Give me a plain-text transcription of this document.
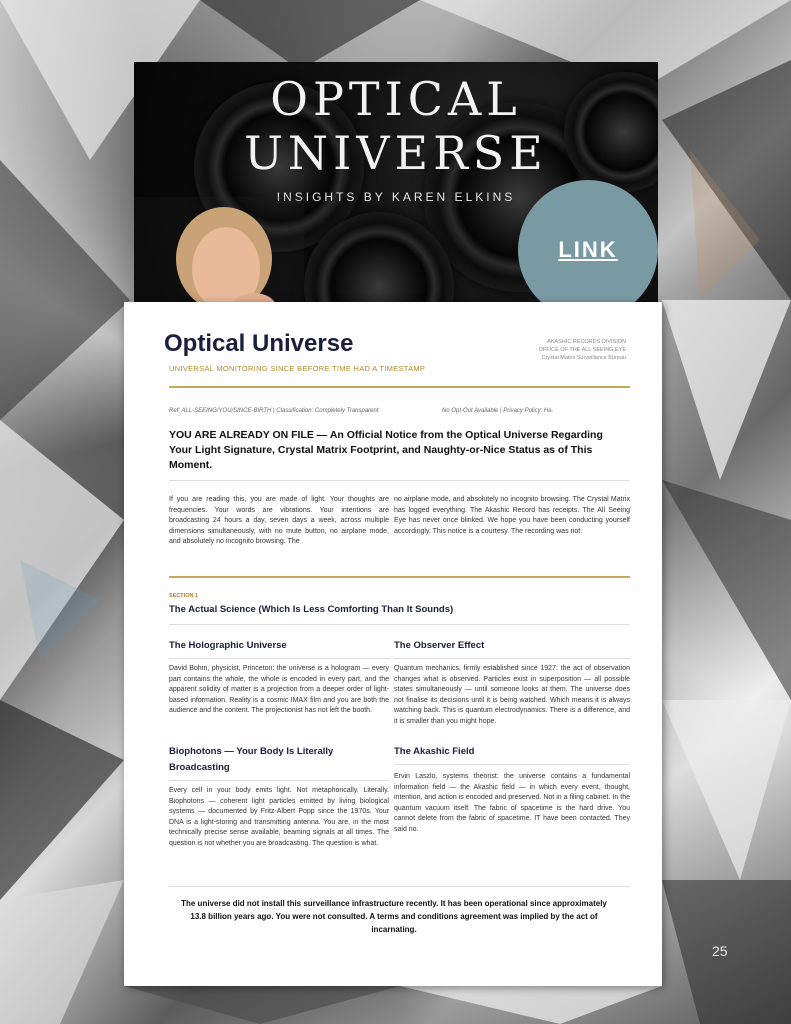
OPTICAL UNIVERSE
INSIGHTS BY KAREN ELKINS
LINK
Optical Universe
UNIVERSAL MONITORING SINCE BEFORE TIME HAD A TIMESTAMP
AKASHIC RECORDS DIVISION
OFFICE OF THE ALL SEEING EYE
Crystal Matrix Surveillance Bureau
Ref: ALL-SEEING/YOU/SINCE-BIRTH | Classification: Completely Transparent	No Opt-Out Available | Privacy Policy: Ha.
YOU ARE ALREADY ON FILE — An Official Notice from the Optical Universe Regarding Your Light Signature, Crystal Matrix Footprint, and Naughty-or-Nice Status as of This Moment.
If you are reading this, you are made of light. Your thoughts are frequencies. Your words are vibrations. Your intentions are broadcasting 24 hours a day, seven days a week, across multiple dimensions simultaneously, with no mute button, no airplane mode, and absolutely no incognito browsing. The
no airplane mode, and absolutely no incognito browsing. The Crystal Matrix has logged everything. The Akashic Record has receipts. The All Seeing Eye has never once blinked. We hope you have been conducting yourself accordingly. This notice is a courtesy. The recording was not.
SECTION 1
The Actual Science (Which Is Less Comforting Than It Sounds)
The Holographic Universe
David Bohm, physicist, Princeton: the universe is a hologram — every part contains the whole, the whole is encoded in every part, and the apparent solidity of matter is a projection from a deeper order of light-based information. Reality is a cosmic IMAX film and you are both the audience and the content. The projectionist has not left the booth.
The Observer Effect
Quantum mechanics, firmly established since 1927: the act of observation changes what is observed. Particles exist in superposition — all possible states simultaneously — until someone looks at them. The universe does not finalise its decisions until it is being watched. Which means it is always watching back. This is quantum electrodynamics. There is a difference, and it is smaller than you might hope.
Biophotons — Your Body Is Literally Broadcasting
Every cell in your body emits light. Not metaphorically. Literally. Biophotons — coherent light particles emitted by living biological systems — documented by Fritz-Albert Popp since the 1970s. Your DNA is a light-storing and transmitting antenna. You are, in the most technically precise sense available, beaming signals at all times. The question is not whether you are broadcasting. The question is what.
The Akashic Field
Ervin Laszlo, systems theorist: the universe contains a fundamental information field — the Akashic field — in which every event, thought, intention, and action is encoded and preserved. Not in a filing cabinet. In the quantum vacuum itself. The fabric of spacetime is the hard drive. You cannot delete from the fabric of spacetime. IT have been contacted. They said no.
The universe did not install this surveillance infrastructure recently. It has been operational since approximately 13.8 billion years ago. You were not consulted. A terms and conditions agreement was implied by the act of incarnating.
25
